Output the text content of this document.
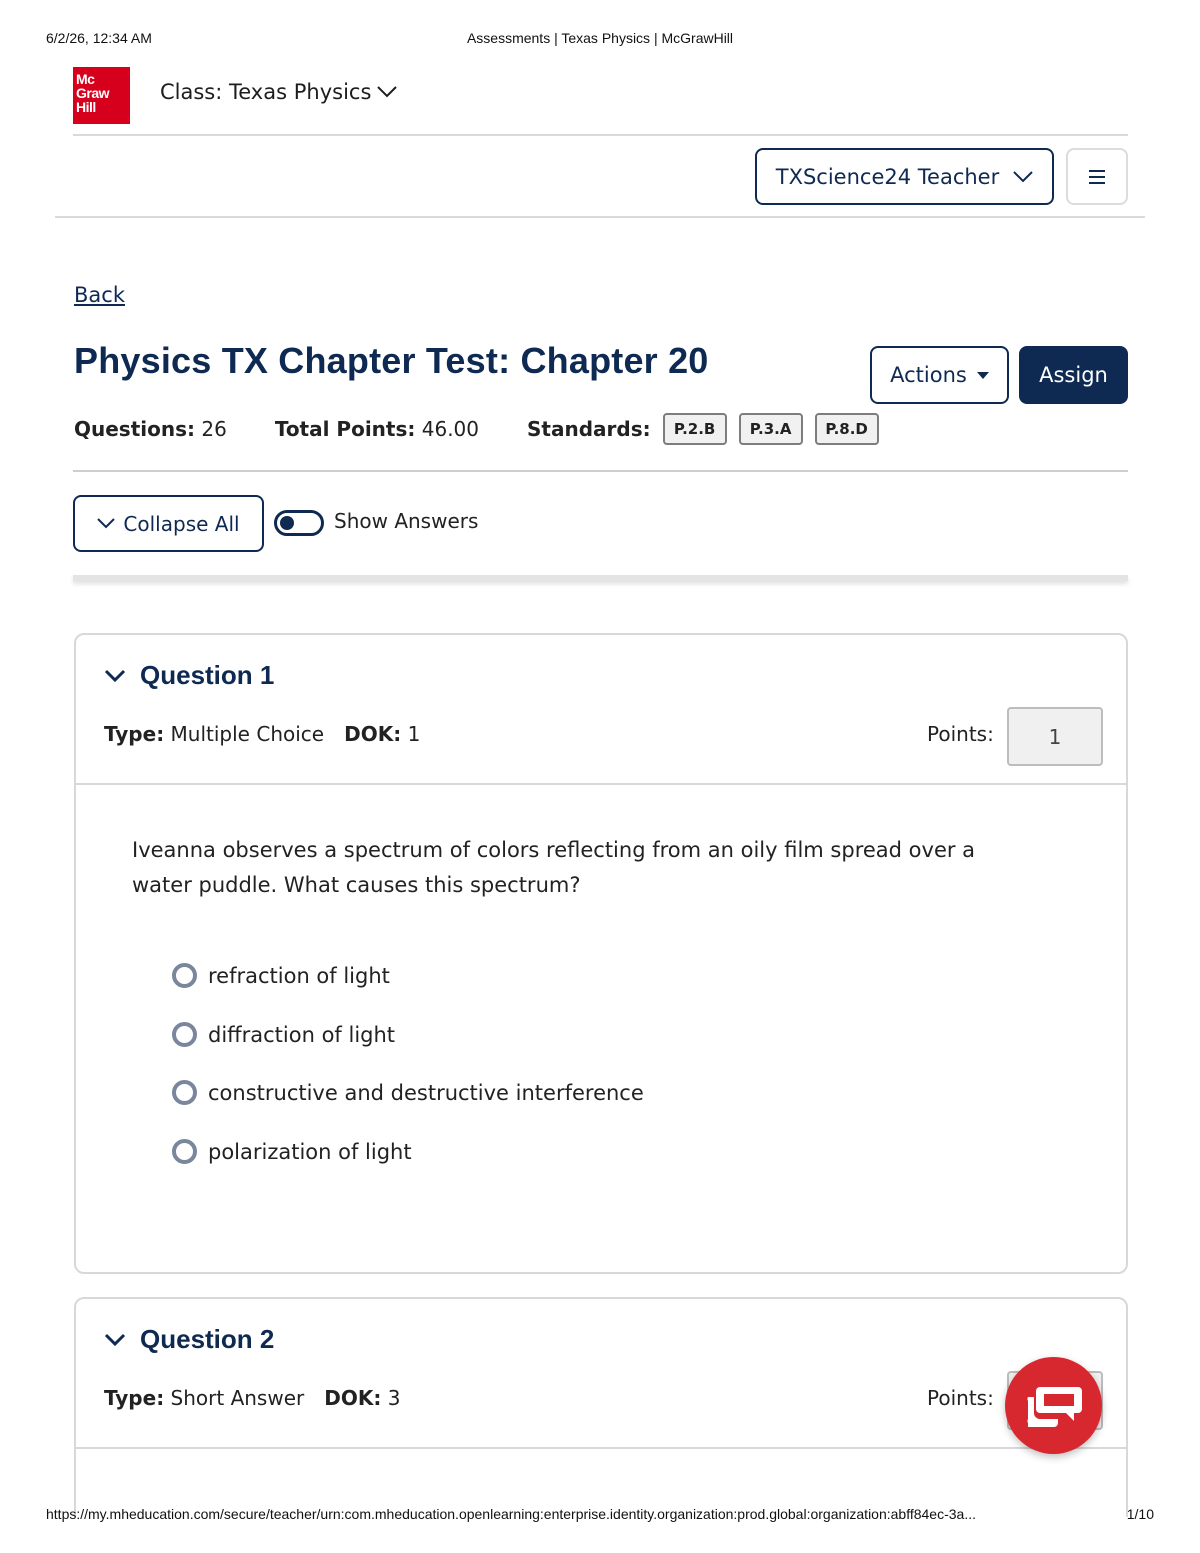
6/2/26, 12:34 AM	Assessments | Texas Physics | McGrawHill
Mc
Graw
Hill
Class: Texas Physics
TXScience24 Teacher
Back
Physics TX Chapter Test: Chapter 20	Actions	Assign
Questions: 26 Total Points: 46.00 Standards:	P.2.B	P.3.A	P.8.D
Collapse All	Show Answers
Question 1
Type: Multiple Choice DOK: 1	Points:	1

Iveanna observes a spectrum of colors reflecting from an oily film spread over a water puddle. What causes this spectrum?

refraction of light
diffraction of light
constructive and destructive interference
polarization of light
Question 2
Type: Short Answer DOK: 3	Points:
https://my.mheducation.com/secure/teacher/urn:com.mheducation.openlearning:enterprise.identity.organization:prod.global:organization:abff84ec-3a...	1/10
